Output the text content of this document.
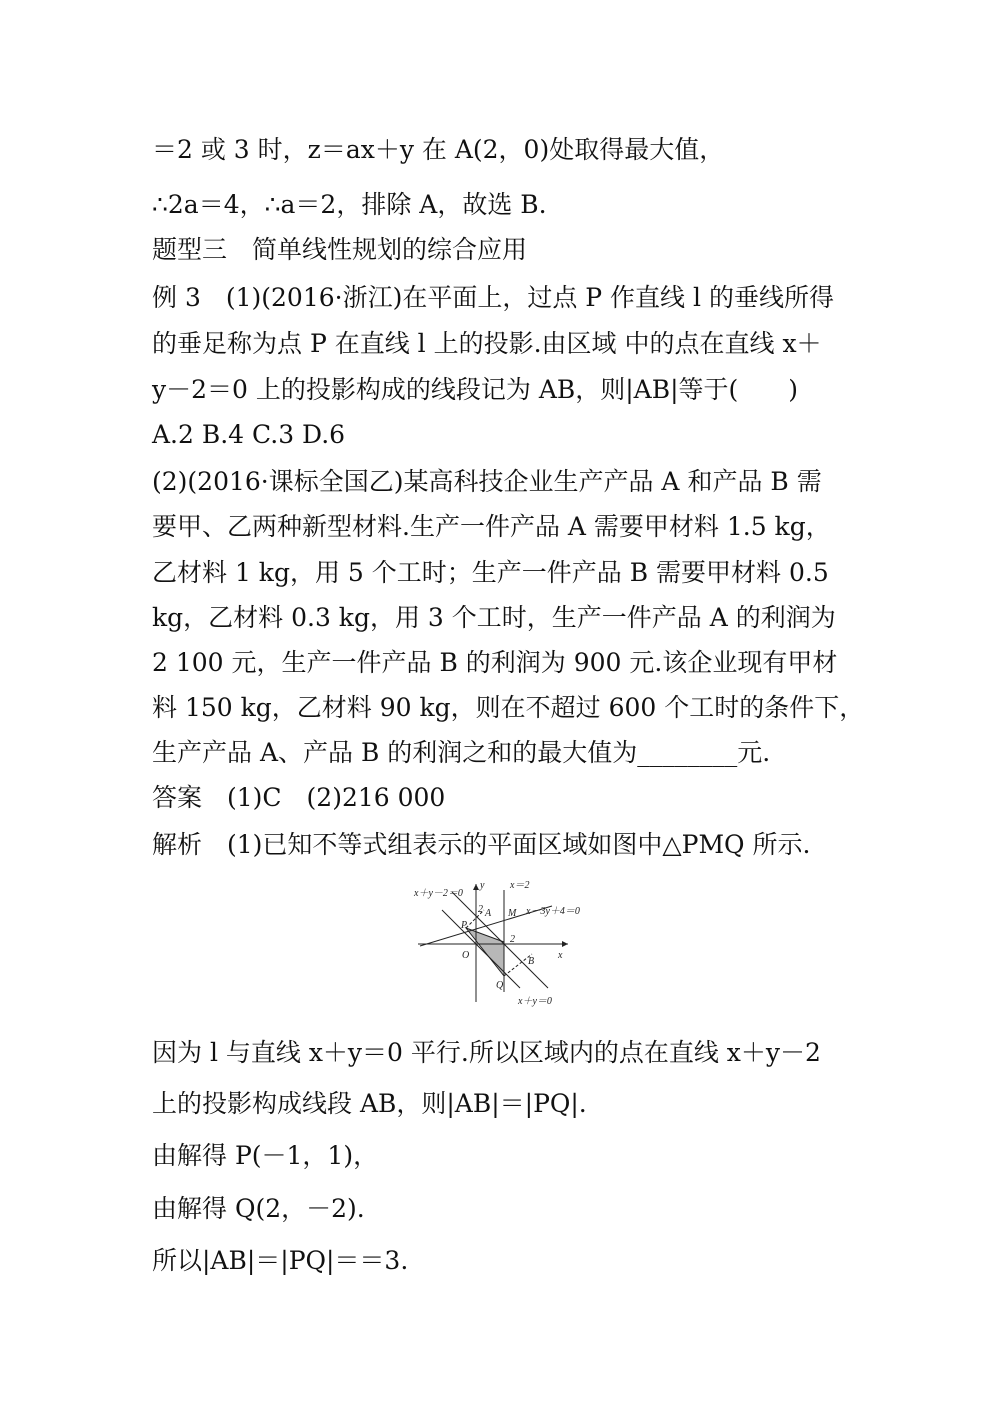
＝2 或 3 时，z＝ax＋y 在 A(2，0)处取得最大值，
∴2a＝4，∴a＝2，排除 A，故选 B.
题型三　简单线性规划的综合应用
例 3　(1)(2016·浙江)在平面上，过点 P 作直线 l 的垂线所得
的垂足称为点 P 在直线 l 上的投影.由区域 中的点在直线 x＋
y－2＝0 上的投影构成的线段记为 AB，则|AB|等于(　　)
A.2 B.4 C.3 D.6
(2)(2016·课标全国乙)某高科技企业生产产品 A 和产品 B 需
要甲、乙两种新型材料.生产一件产品 A 需要甲材料 1.5 kg，
乙材料 1 kg，用 5 个工时；生产一件产品 B 需要甲材料 0.5
kg，乙材料 0.3 kg，用 3 个工时，生产一件产品 A 的利润为
2 100 元，生产一件产品 B 的利润为 900 元.该企业现有甲材
料 150 kg，乙材料 90 kg，则在不超过 600 个工时的条件下，
生产产品 A、产品 B 的利润之和的最大值为________元.
答案　(1)C　(2)216 000
解析　(1)已知不等式组表示的平面区域如图中△PMQ 所示.
x＋y－2＝0
y	x＝2
x－3y＋4＝0
2 A M
P
2
O
B
x
Q
x＋y＝0
因为 l 与直线 x＋y＝0 平行.所以区域内的点在直线 x＋y－2
上的投影构成线段 AB，则|AB|＝|PQ|.
由解得 P(－1，1)，
由解得 Q(2，－2).
所以|AB|＝|PQ|＝＝3.
